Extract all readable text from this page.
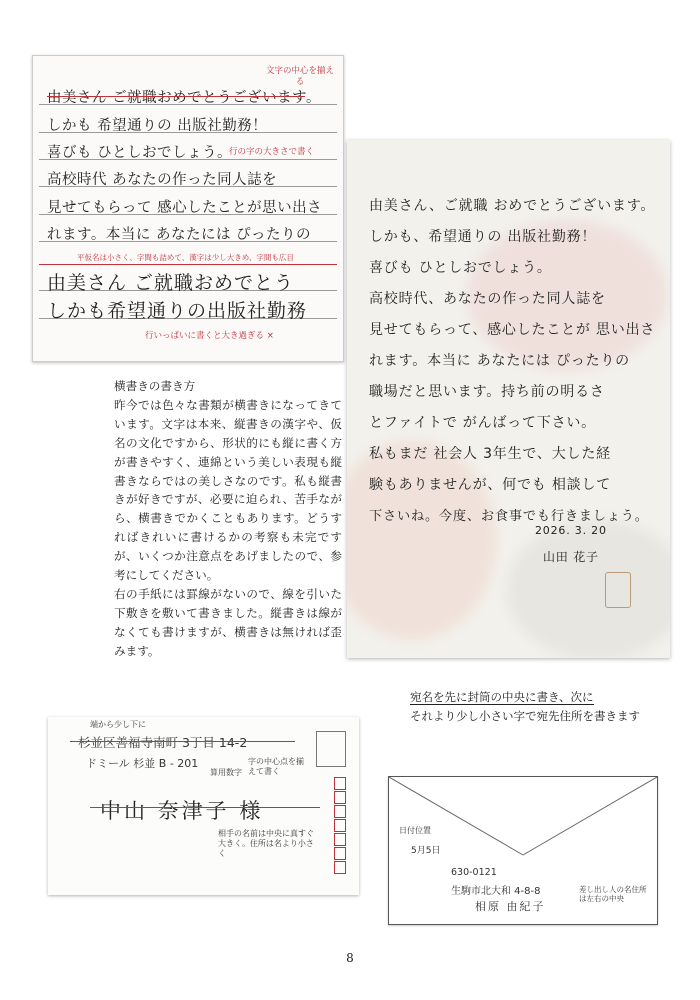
由美さん ご就職おめでとうございます。
しかも 希望通りの 出版社勤務！
喜びも ひとしおでしょう。
高校時代 あなたの作った同人誌を
見せてもらって 感心したことが思い出さ
れます。本当に あなたには ぴったりの
由美さん ご就職おめでとう
しかも希望通りの出版社勤務
文字の中心を揃える
行の字の大きさで書く
平仮名は小さく、字間も詰めて、漢字は少し大きめ、字間も広目
行いっぱいに書くと大き過ぎる ×
由美さん、ご就職 おめでとうございます。
しかも、希望通りの 出版社勤務！
喜びも ひとしおでしょう。
高校時代、あなたの作った同人誌を
見せてもらって、感心したことが 思い出さ
れます。本当に あなたには ぴったりの
職場だと思います。持ち前の明るさ
とファイトで がんばって下さい。
私もまだ 社会人 3年生で、大した経
験もありませんが、何でも 相談して
下さいね。今度、お食事でも行きましょう。
2026. 3. 20
山田 花子
横書きの書き方

昨今では色々な書類が横書きになってきています。文字は本来、縦書きの漢字や、仮名の文化ですから、形状的にも縦に書く方が書きやすく、連綿という美しい表現も縦書きならではの美しさなのです。私も縦書きが好きですが、必要に迫られ、苦手ながら、横書きでかくこともあります。どうすればきれいに書けるかの考察も未完ですが、いくつか注意点をあげましたので、参考にしてください。

右の手紙には罫線がないので、線を引いた下敷きを敷いて書きました。縦書きは線がなくても書けますが、横書きは無ければ歪みます。

宛名を先に封筒の中央に書き、次に
それより少し小さい字で宛先住所を書きます
端から少し下に
杉並区善福寺南町 3丁目 14-2
ドミール 杉並 B - 201
算用数字
字の中心点を揃えて書く
中山 奈津子 様
相手の名前は中央に真すぐ大きく。住所は名より小さく
日付位置
5月5日
630-0121
生駒市北大和 4-8-8
相原 由紀子
差し出し人の名住所は左右の中央
8
